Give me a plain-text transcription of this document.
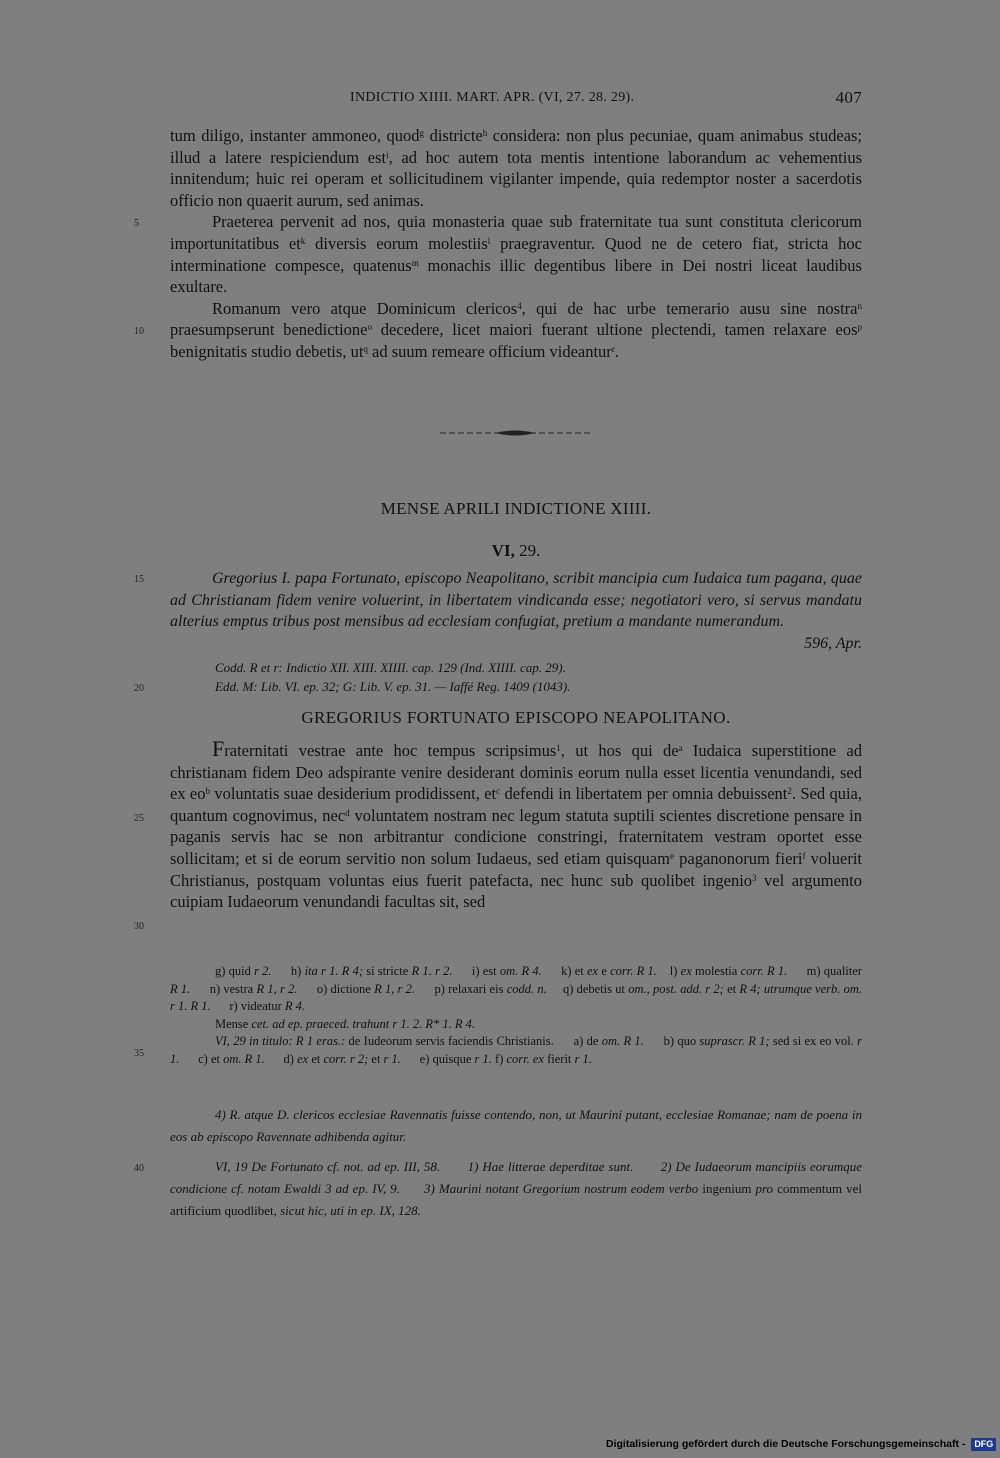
INDICTIO XIIII. MART. APR. (VI, 27. 28. 29).	407

tum diligo, instanter ammoneo, quod$^g$ districte$^h$ considera: non plus pecuniae, quam animabus studeas; illud a latere respiciendum est$^i$, ad hoc autem tota mentis intentione laborandum ac vehementius innitendum; huic rei operam et sollicitudinem vigilanter impende, quia redemptor noster a sacerdotis officio non quaerit aurum, sed animas.

Praeterea pervenit ad nos, quia monasteria quae sub fraternitate tua sunt constituta clericorum importunitatibus $et^k$ diversis eorum molestiis$^l$ praegraventur. Quod ne de cetero fiat, stricta hoc interminatione compesce, quatenus$^m$ monachis illic degentibus libere in Dei nostri liceat laudibus exultare.

Romanum vero atque Dominicum clericos$^4$, qui de hac urbe temerario ausu sine nostra$^n$ praesumpserunt benedictione$^o$ decedere, licet maiori fuerant ultione plectendi, tamen relaxare eos$^p$ benignitatis studio debetis, $ut^q$ ad suum remeare officium videantur$^r$.

5
10
15
20
25
30
35
40
MENSE APRILI INDICTIONE XIIII.
VI, 29.
Gregorius I. papa Fortunato, episcopo Neapolitano, scribit mancipia cum Iudaica tum pagana, quae ad Christianam fidem venire voluerint, in libertatem vindicanda esse; negotiatori vero, si servus mandatu alterius emptus tribus post mensibus ad ecclesiam confugiat, pretium a mandante numerandum.
596, Apr.
Codd. R et r: Indictio XII. XIII. XIIII. cap. 129 (Ind. XIIII. cap. 29).
Edd. M: Lib. VI. ep. 32; G: Lib. V. ep. 31. — Iaffé Reg. 1409 (1043).
GREGORIUS FORTUNATO EPISCOPO NEAPOLITANO.

Fraternitati vestrae ante hoc tempus scripsimus$^1$, ut hos qui $de^a$ Iudaica superstitione ad christianam fidem Deo adspirante venire desiderant dominis eorum nulla esset licentia venundandi, sed ex $eo^b$ voluntatis suae desiderium prodidissent, $et^c$ defendi in libertatem per omnia debuissent$^2$. Sed quia, quantum cognovimus, nec$^d$ voluntatem nostram nec legum statuta suptili scientes discretione pensare in paganis servis hac se non arbitrantur condicione constringi, fraternitatem vestram oportet esse sollicitam; et si de eorum servitio non solum Iudaeus, sed etiam quisquam$^e$ paganonorum fieri$^f$ voluerit Christianus, postquam voluntas eius fuerit patefacta, nec hunc sub quolibet ingenio$^3$ vel argumento cuipiam Iudaeorum venundandi facultas sit, sed

g) quid r 2.      h) ita r 1. R 4; si stricte R 1. r 2.      i) est om. R 4.      k) et ex e corr. R 1.    l) ex molestia corr. R 1.      m) qualiter R 1.      n) vestra R 1, r 2.      o) dictione R 1, r 2.      p) relaxari eis codd. n.     q) debetis ut om., post. add. r 2; et R 4; utrumque verb. om. r 1. R 1.      r) videatur R 4.

Mense cet. ad ep. praeced. trahunt r 1. 2. R* 1. R 4.

VI, 29 in titulo: R 1 eras.: de Iudeorum servis faciendis Christianis.      a) de om. R 1.      b) quo suprascr. R 1; sed si ex eo vol. r 1.      c) et om. R 1.      d) ex et corr. r 2; et r 1.      e) quisque r 1. f) corr. ex fierit r 1.

4) R. atque D. clericos ecclesiae Ravennatis fuisse contendo, non, ut Maurini putant, ecclesiae Romanae; nam de poena in eos ab episcopo Ravennate adhibenda agitur.

VI, 19 De Fortunato cf. not. ad ep. III, 58.       1) Hae litterae deperditae sunt.       2) De Iudaeorum mancipiis eorumque condicione cf. notam Ewaldi 3 ad ep. IV, 9.      3) Maurini notant Gregorium nostrum eodem verbo ingenium pro commentum vel artificium quodlibet, sicut hic, uti in ep. IX, 128.

Digitalisierung gefördert durch die Deutsche Forschungsgemeinschaft - DFG
